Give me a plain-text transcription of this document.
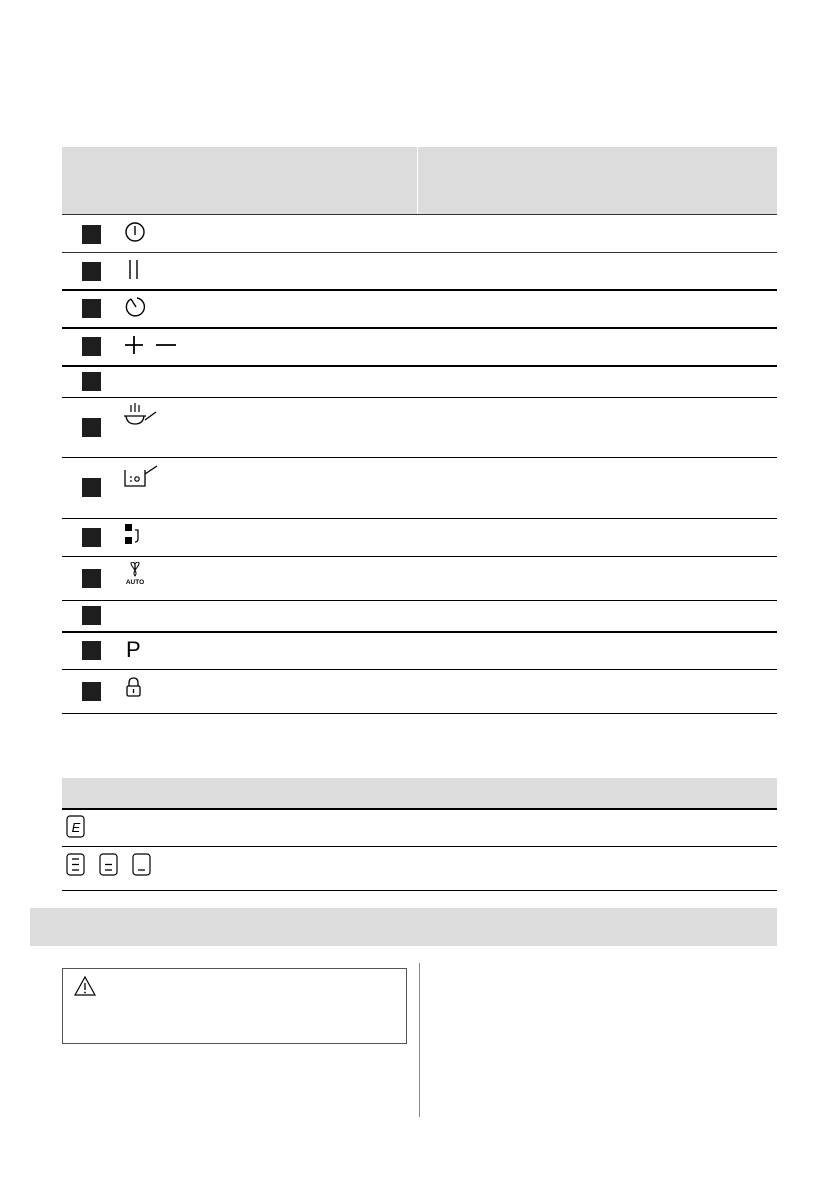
AUTO
P
E
